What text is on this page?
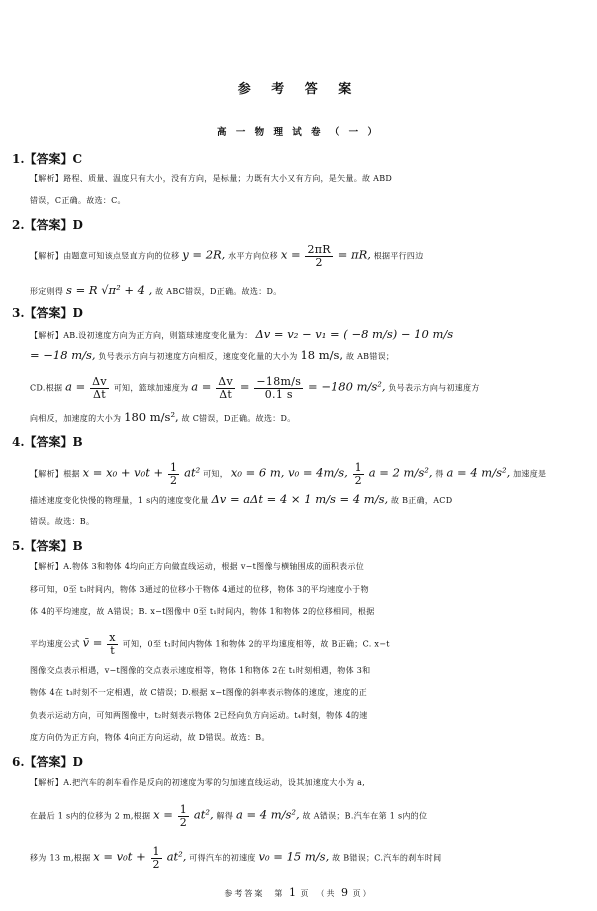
参 考 答 案
高 一 物 理 试 卷 （ 一 ）
1.【答案】C
【解析】路程、质量、温度只有大小，没有方向，是标量；力既有大小又有方向，是矢量。故 ABD
错误，C正确。故选：C。
2.【答案】D
【解析】由题意可知该点竖直方向的位移 y = 2R, 水平方向位移 $x = \frac{2\pi R}{2} = \pi R$, 根据平行四边
形定则得 s = R √π² + 4 , 故 ABC错误，D正确。故选：D。
3.【答案】D
【解析】AB.设初速度方向为正方向，则篮球速度变化量为： Δv = v₂ − v₁ = ( −8 m/s) − 10 m/s
= −18 m/s, 负号表示方向与初速度方向相反，速度变化量的大小为 18 m/s, 故 AB错误；
CD.根据 $a = \frac{\Delta v}{\Delta t}$ 可知，篮球加速度为 $a = \frac{\Delta v}{\Delta t} = \frac{-18m/s}{0.1 s} = -180$ m/s², 负号表示方向与初速度方
向相反，加速度的大小为 180 m/s², 故 C错误，D正确。故选：D。
4.【答案】B
【解析】根据 $x = x_0 + v_0t + \frac{1}{2} at^2$ 可知， x₀ = 6 m, v₀ = 4m/s, $\frac{1}{2}$ a = 2 m/s², 得 a = 4 m/s², 加速度是
描述速度变化快慢的物理量，1 s内的速度变化量 Δv = aΔt = 4 × 1 m/s = 4 m/s, 故 B正确，ACD
错误。故选：B。
5.【答案】B
【解析】A.物体 3和物体 4均向正方向做直线运动，根据 v−t图像与横轴围成的面积表示位
移可知，0至 t₃时间内，物体 3通过的位移小于物体 4通过的位移，物体 3的平均速度小于物
体 4的平均速度，故 A错误；B. x−t图像中 0至 t₁时间内，物体 1和物体 2的位移相同，根据
平均速度公式 v̄ = $\frac{x}{t}$ 可知，0至 t₁时间内物体 1和物体 2的平均速度相等，故 B正确；C. x−t
图像交点表示相遇，v−t图像的交点表示速度相等，物体 1和物体 2在 t₁时刻相遇，物体 3和
物体 4在 t₃时刻不一定相遇，故 C错误；D.根据 x−t图像的斜率表示物体的速度，速度的正
负表示运动方向，可知两图像中，t₂时刻表示物体 2已经向负方向运动。t₄时刻，物体 4的速
度方向仍为正方向，物体 4向正方向运动，故 D错误。故选：B。
6.【答案】D
【解析】A.把汽车的刹车看作是反向的初速度为零的匀加速直线运动，设其加速度大小为 a,
在最后 1 s内的位移为 2 m,根据 $x = \frac{1}{2} at^2$, 解得 a = 4 m/s², 故 A错误；B.汽车在第 1 s内的位
移为 13 m,根据 $x = v_0t + \frac{1}{2} at^2$, 可得汽车的初速度 v₀ = 15 m/s, 故 B错误；C.汽车的刹车时间
参考答案　第 1 页　（共 9 页）
